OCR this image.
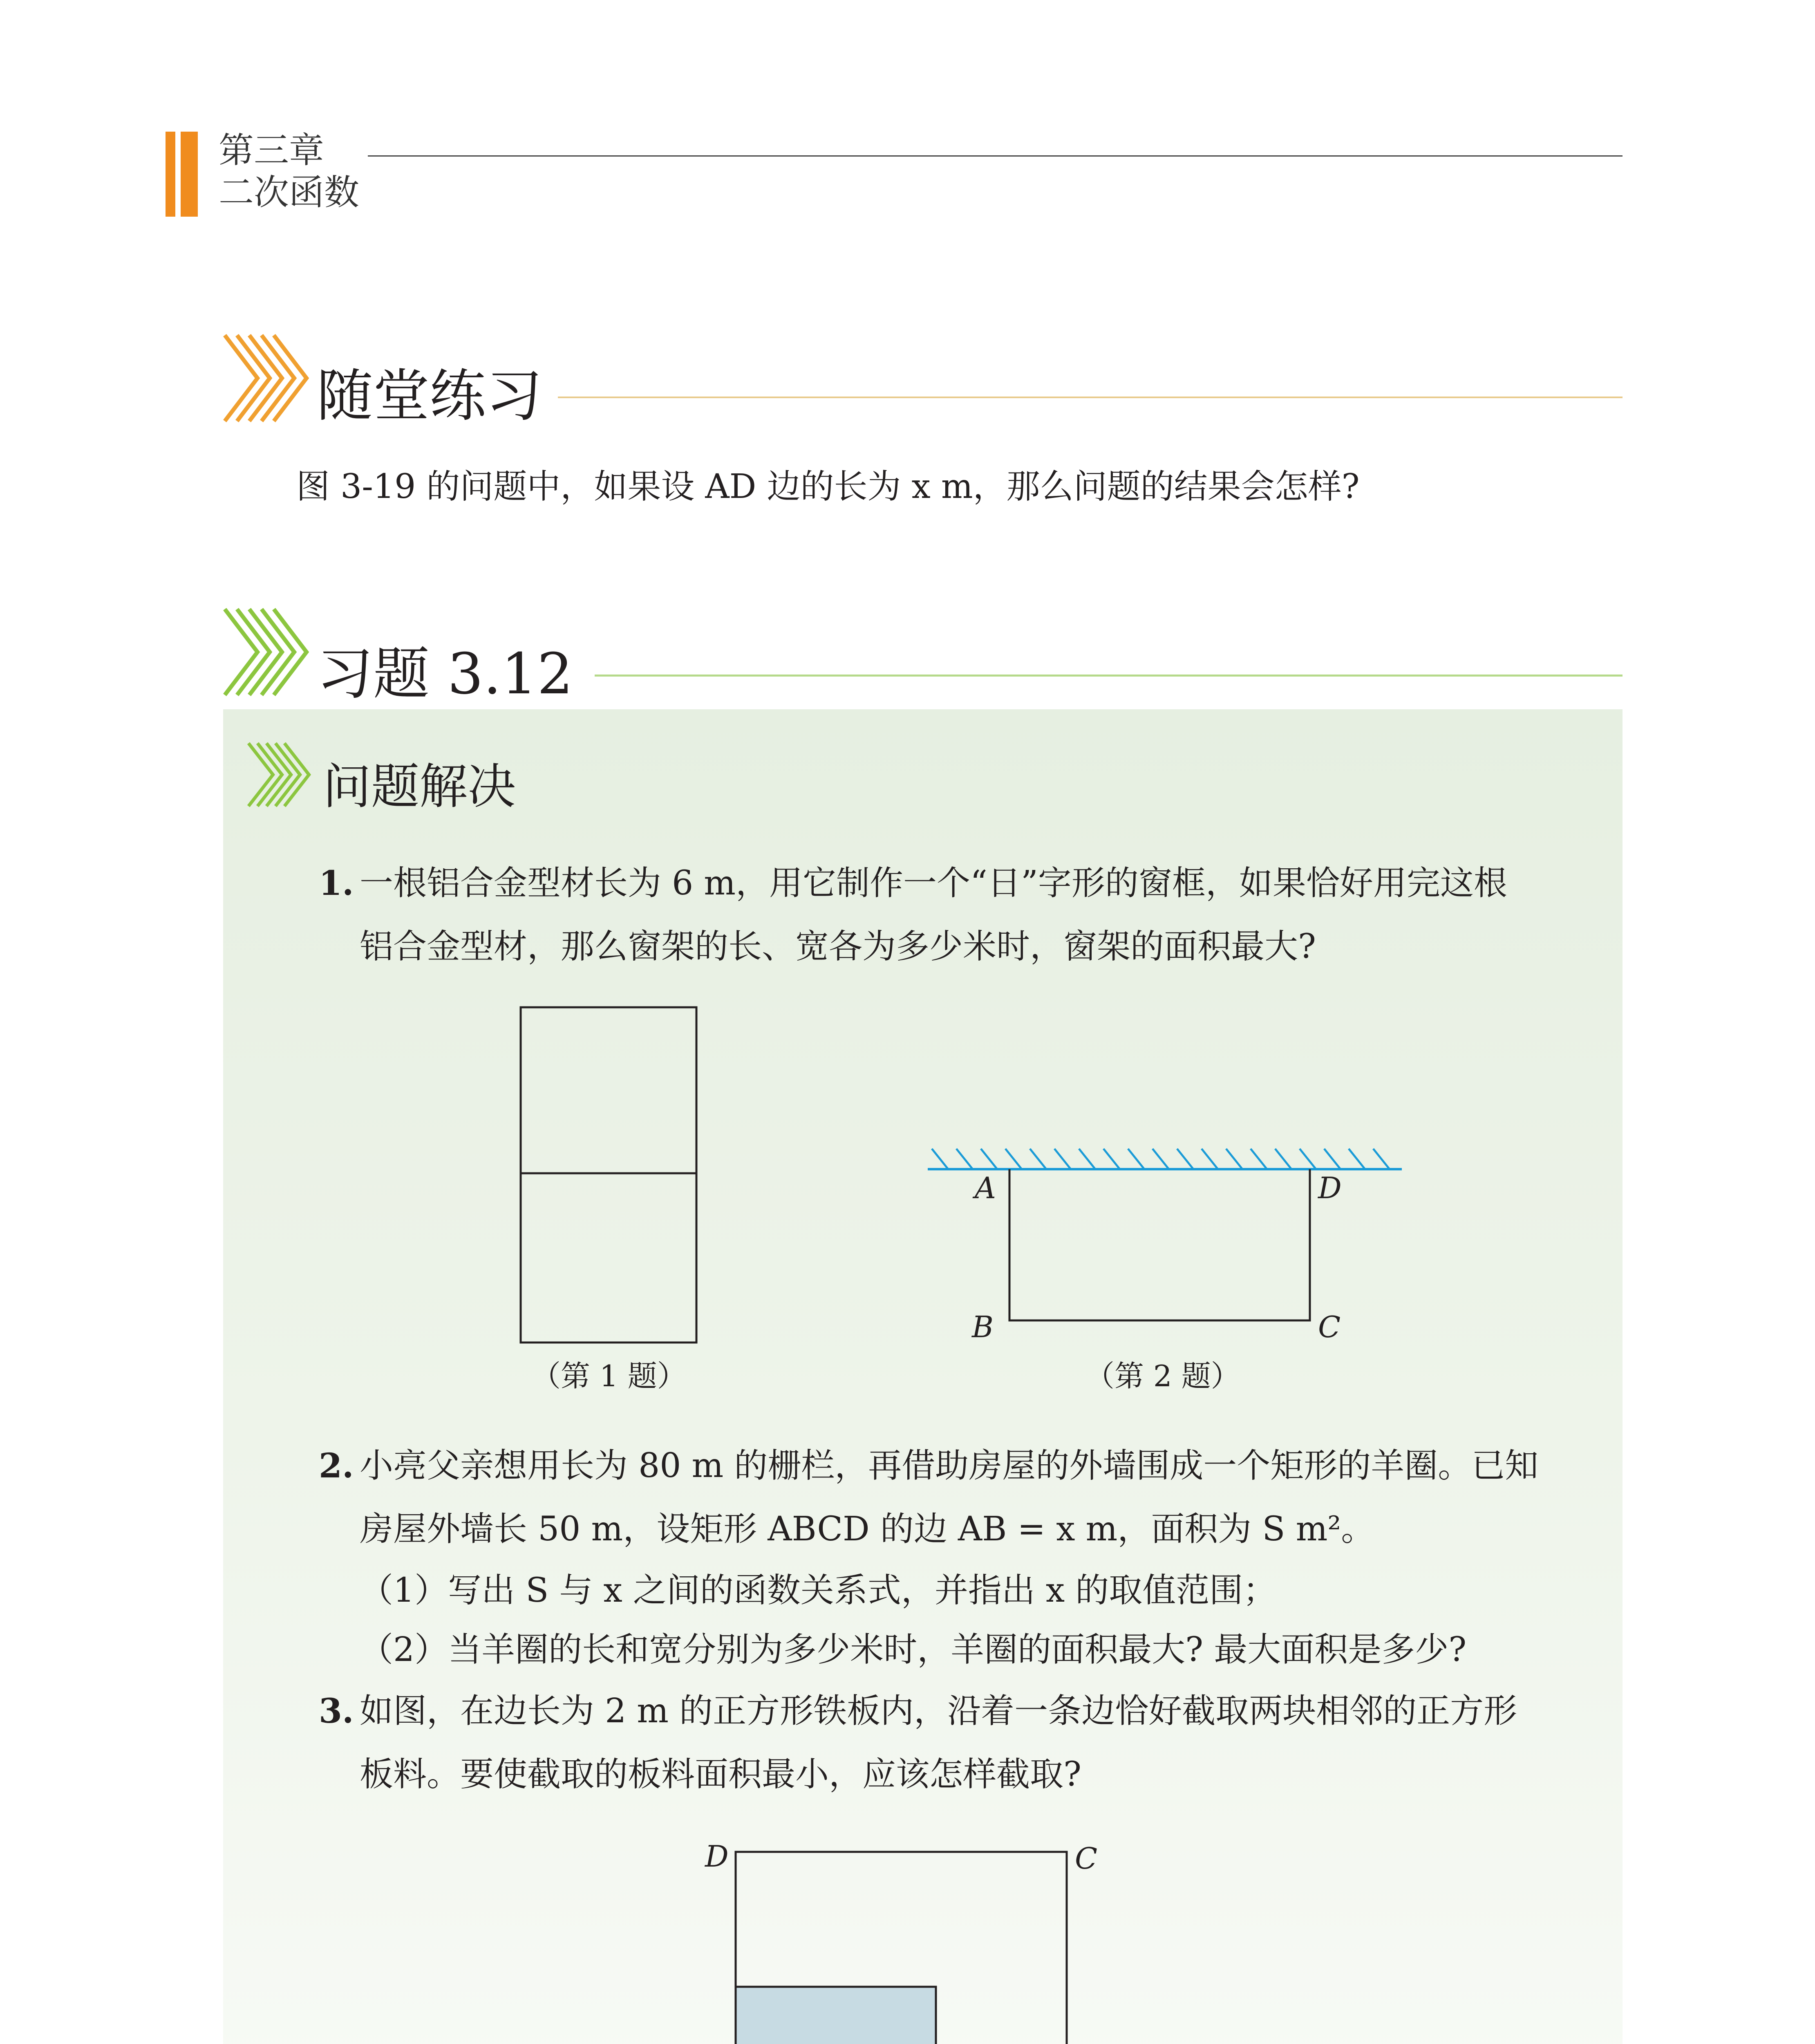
第三章
二次函数
随堂练习
图 3-19 的问题中，如果设 AD 边的长为 x m，那么问题的结果会怎样?
习题 3.12
问题解决
1. 一根铝合金型材长为 6 m，用它制作一个“日”字形的窗框，如果恰好用完这根
铝合金型材，那么窗架的长、宽各为多少米时，窗架的面积最大?
（第 1 题）
A	D
B	C
（第 2 题）
2. 小亮父亲想用长为 80 m 的栅栏，再借助房屋的外墙围成一个矩形的羊圈。已知
房屋外墙长 50 m，设矩形 ABCD 的边 AB = x m，面积为 S m²。
（1）写出 S 与 x 之间的函数关系式，并指出 x 的取值范围；
（2）当羊圈的长和宽分别为多少米时，羊圈的面积最大? 最大面积是多少?
3. 如图，在边长为 2 m 的正方形铁板内，沿着一条边恰好截取两块相邻的正方形
板料。要使截取的板料面积最小，应该怎样截取?
D	C
